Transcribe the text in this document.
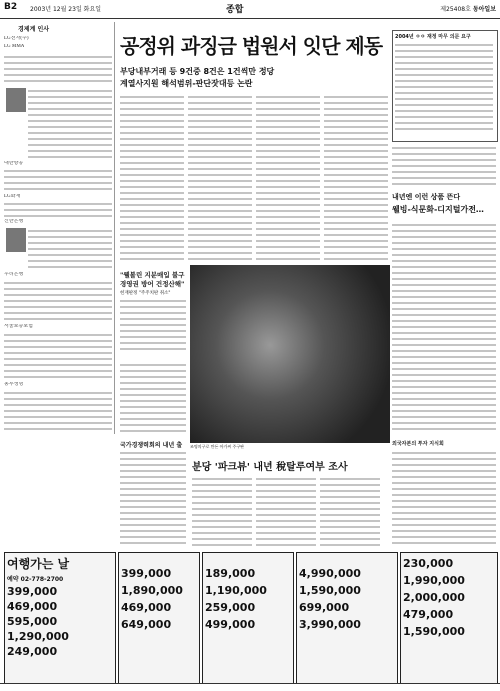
B2 2003년 12월 23일 화요일	종합	제25408호 동아일보
경제계 인사
LG전자(주)
LG MMA
대한항공
LG화재
신한은행
우리은행
서울보증보험
동부생명
공정위 과징금 법원서 잇단 제동
부당내부거래 등 9건중 8건은 1건씩만 정당
계열사지원 해석범위-판단잣대등 논란
"웰볼린 지분매입 불구
경영권 방어 건정산해"
헌재판정 "주주치판 취소"
조명의구로 만든 아가씨 주구판
국가경쟁력회의 내년 출
분당 '파크뷰' 내년 稅탈루여부 조사
2004년 ㅇㅇ 재정 마무 의문 요구
내년엔 이런 상품 뜬다
웰빙-식문화-디지털가전…
외국자본의 투자 지식회
여행가는 날
예약 02-778-2700
399,000
469,000
595,000
1,290,000
249,000
399,000
1,890,000
469,000
649,000
189,000
1,190,000
259,000
499,000
4,990,000
1,590,000
699,000
3,990,000
230,000
1,990,000
2,000,000
479,000
1,590,000
